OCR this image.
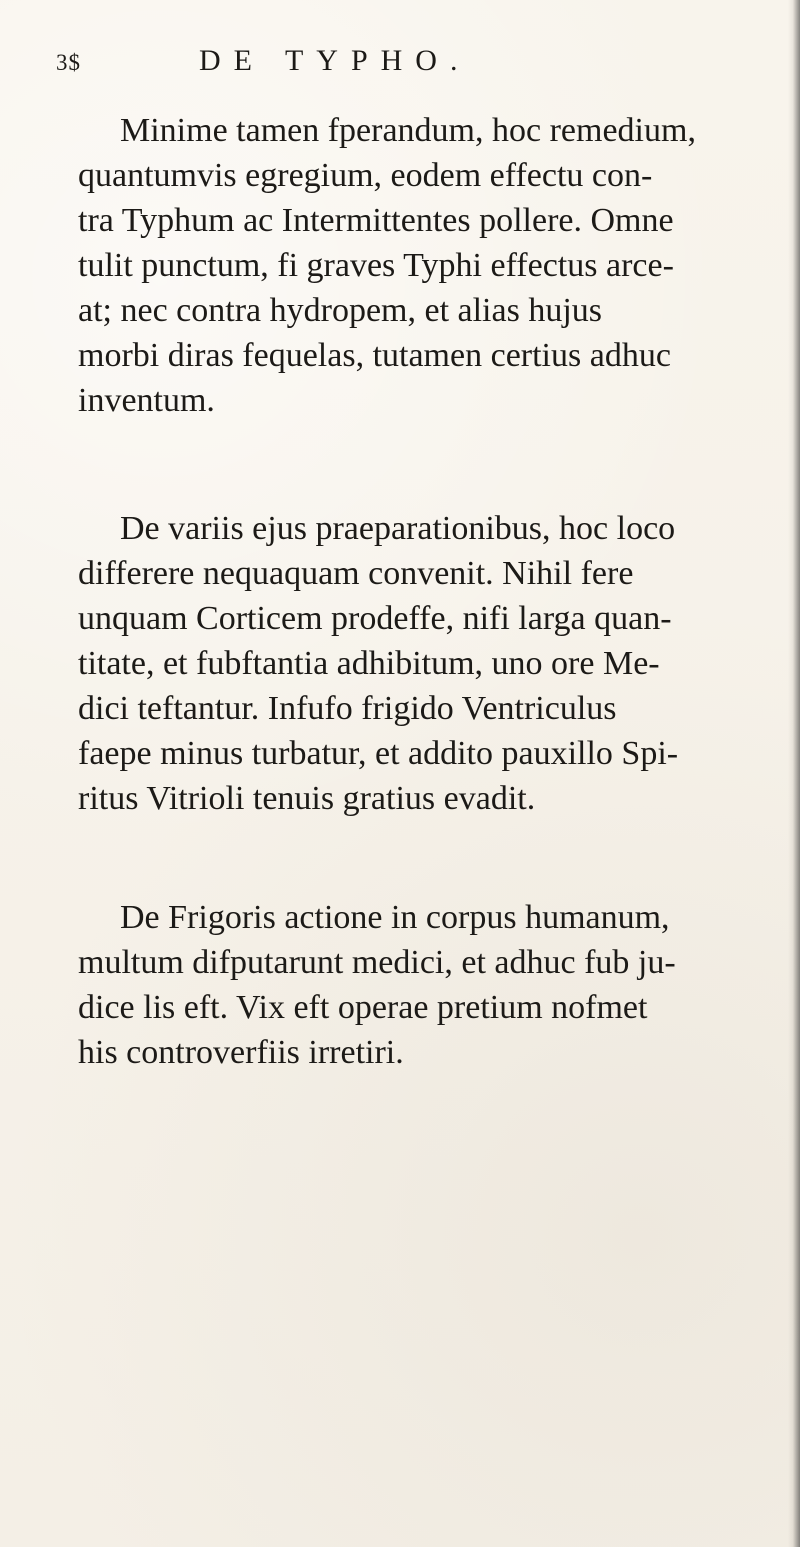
3$	DE TYPHO.
Minime tamen fperandum, hoc remedium,
quantumvis egregium, eodem effectu con-
tra Typhum ac Intermittentes pollere. Omne
tulit punctum, fi graves Typhi effectus arce-
at; nec contra hydropem, et alias hujus
morbi diras fequelas, tutamen certius adhuc
inventum.
De variis ejus praeparationibus, hoc loco
differere nequaquam convenit. Nihil fere
unquam Corticem prodeffe, nifi larga quan-
titate, et fubftantia adhibitum, uno ore Me-
dici teftantur. Infufo frigido Ventriculus
faepe minus turbatur, et addito pauxillo Spi-
ritus Vitrioli tenuis gratius evadit.
De Frigoris actione in corpus humanum,
multum difputarunt medici, et adhuc fub ju-
dice lis eft. Vix eft operae pretium nofmet
his controverfiis irretiri.
